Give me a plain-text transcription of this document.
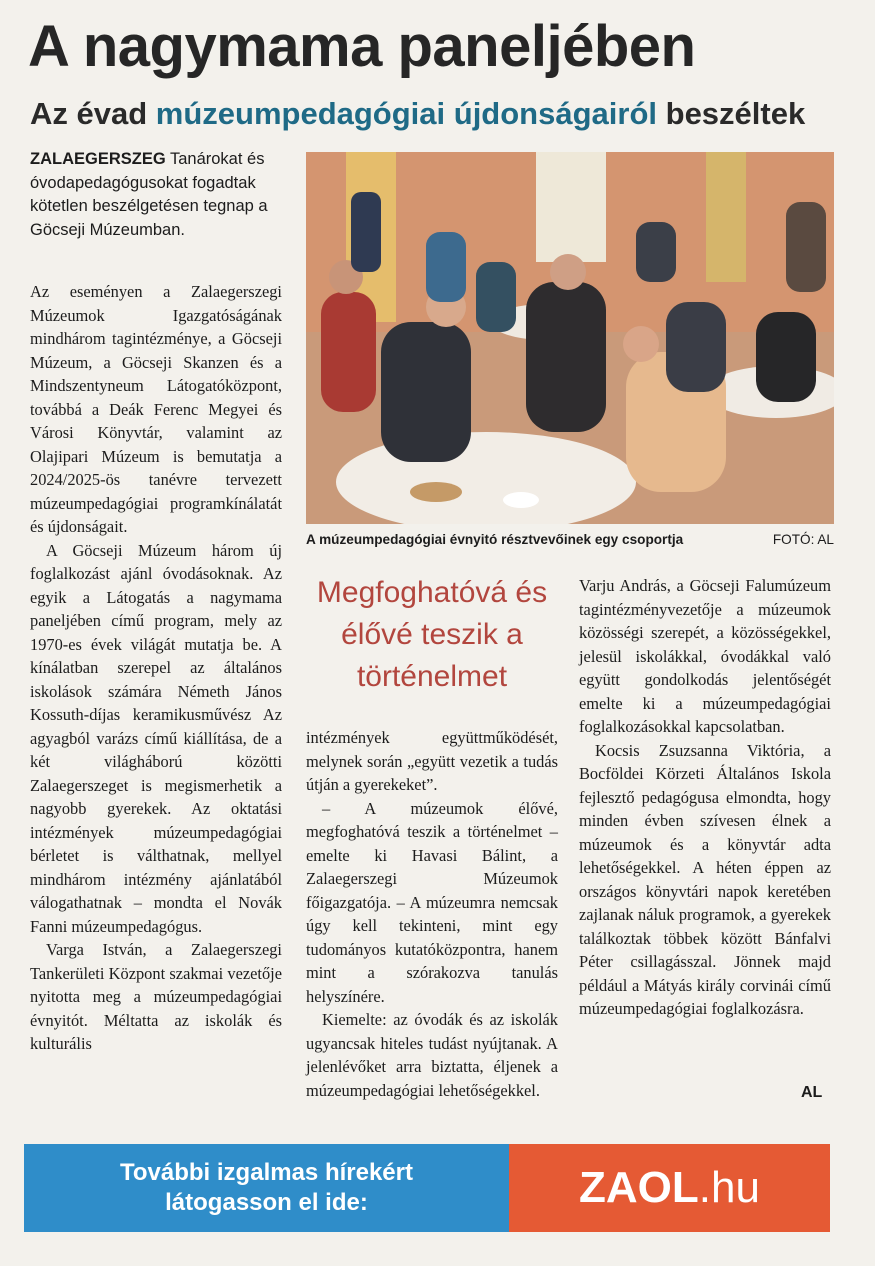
A nagymama paneljében
Az évad múzeumpedagógiai újdonságairól beszéltek

ZALAEGERSZEG Tanárokat és óvodapedagógusokat fogadtak kötetlen beszélgetésen tegnap a Göcseji Múzeumban.

A múzeumpedagógiai évnyitó résztvevőinek egy csoportja	FOTÓ: AL

Megfoghatóvá és élővé teszik a történelmet

Az eseményen a Zalaegerszegi Múzeumok Igazgatóságának mindhárom tagintézménye, a Göcseji Múzeum, a Göcseji Skanzen és a Mindszentyneum Látogatóközpont, továbbá a Deák Ferenc Megyei és Városi Könyvtár, valamint az Olajipari Múzeum is bemutatja a 2024/2025-ös tanévre tervezett múzeumpedagógiai programkínálatát és újdonságait.

A Göcseji Múzeum három új foglalkozást ajánl óvodásoknak. Az egyik a Látogatás a nagymama paneljében című program, mely az 1970-es évek világát mutatja be. A kínálatban szerepel az általános iskolások számára Németh János Kossuth-díjas keramikusművész Az agyagból varázs című kiállítása, de a két világháború közötti Zalaegerszeget is megismerhetik a nagyobb gyerekek. Az oktatási intézmények múzeumpedagógiai bérletet is válthatnak, mellyel mindhárom intézmény ajánlatából válogathatnak – mondta el Novák Fanni múzeumpedagógus.

Varga István, a Zalaegerszegi Tankerületi Központ szakmai vezetője nyitotta meg a múzeumpedagógiai évnyitót. Méltatta az iskolák és kulturális

intézmények együttműködését, melynek során „együtt vezetik a tudás útján a gyerekeket”.

– A múzeumok élővé, megfoghatóvá teszik a történelmet – emelte ki Havasi Bálint, a Zalaegerszegi Múzeumok főigazgatója. – A múzeumra nemcsak úgy kell tekinteni, mint egy tudományos kutatóközpontra, hanem mint a szórakozva tanulás helyszínére.

Kiemelte: az óvodák és az iskolák ugyancsak hiteles tudást nyújtanak. A jelenlévőket arra biztatta, éljenek a múzeumpedagógiai lehetőségekkel.

Varju András, a Göcseji Falumúzeum tagintézményvezetője a múzeumok közösségi szerepét, a közösségekkel, jelesül iskolákkal, óvodákkal való együtt gondolkodás jelentőségét emelte ki a múzeumpedagógiai foglalkozásokkal kapcsolatban.

Kocsis Zsuzsanna Viktória, a Bocföldei Körzeti Általános Iskola fejlesztő pedagógusa elmondta, hogy minden évben szívesen élnek a múzeumok és a könyvtár adta lehetőségekkel. A héten éppen az országos könyvtári napok keretében zajlanak náluk programok, a gyerekek találkoztak többek között Bánfalvi Péter csillagásszal. Jönnek majd például a Mátyás király corvinái című múzeumpedagógiai foglalkozásra.

AL

További izgalmas hírekért
látogasson el ide:	ZAOL .hu
